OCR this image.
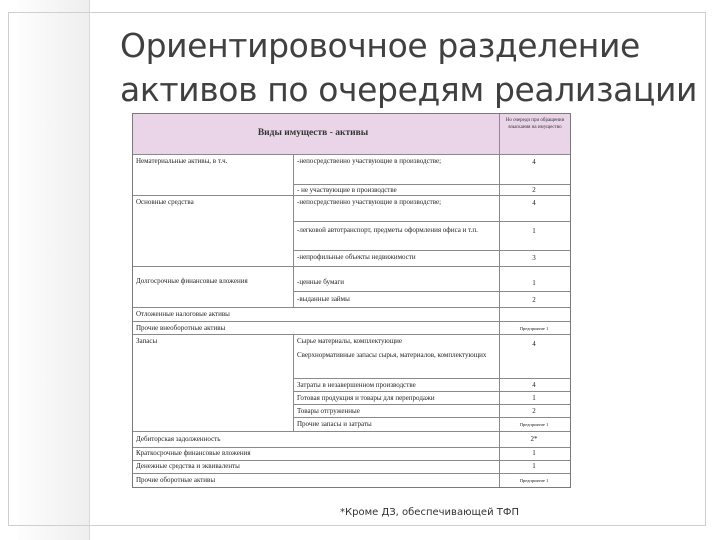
Ориентировочное разделение
активов по очередям реализации
Виды имуществ - активы
Но очереди при обращении взыскания на имущество
Нематериальные активы, в т.ч.	-непосредственно участвующие в производстве;	4
- не участвующие в производстве	2
Основные средства	-непосредственно участвующие в производстве;	4
-легковой автотранспорт, предметы оформления офиса и т.п.	1
-непрофильные объекты недвижимости	3
Долгосрочные финансовые вложения	-ценные бумаги	1
-выданные займы	2
Отложенные налоговые активы
Прочие внеоборотные активы	Предприятие 1
Запасы	Сырье материалы, комплектующие	4
Сверхнормативные запасы сырья, материалов, комплектующих
Затраты в незавершенном производстве	4
Готовая продукция и товары для перепродажи	1
Товары отгруженные	2
Прочие запасы и затраты	Предприятие 1
Дебиторская задолженность	2*
Краткосрочные финансовые вложения	1
Денежные средства и эквиваленты	1
Прочие оборотные активы	Предприятие 1
*Кроме ДЗ, обеспечивающей ТФП
